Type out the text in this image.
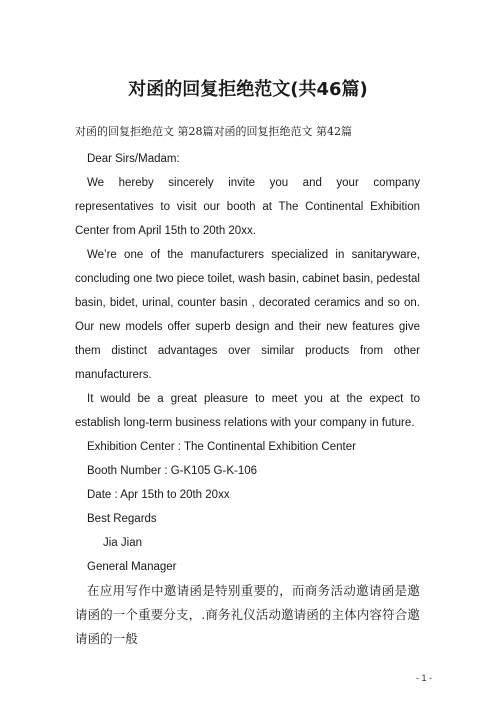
对函的回复拒绝范文(共46篇)

对函的回复拒绝范文 第28篇对函的回复拒绝范文 第42篇

Dear Sirs/Madam:

We hereby sincerely invite you and your company representatives to visit our booth at The Continental Exhibition Center from April 15th to 20th 20xx.

We’re one of the manufacturers specialized in sanitaryware, concluding one two piece toilet, wash basin, cabinet basin, pedestal basin, bidet, urinal, counter basin , decorated ceramics and so on. Our new models offer superb design and their new features give them distinct advantages over similar products from other manufacturers.

It would be a great pleasure to meet you at the expect to establish long-term business relations with your company in future.

Exhibition Center : The Continental Exhibition Center

Booth Number : G-K105 G-K-106

Date : Apr 15th to 20th 20xx

Best Regards

Jia Jian

General Manager

在应用写作中邀请函是特别重要的，而商务活动邀请函是邀请函的一个重要分支，.商务礼仪活动邀请函的主体内容符合邀请函的一般

- 1 -
